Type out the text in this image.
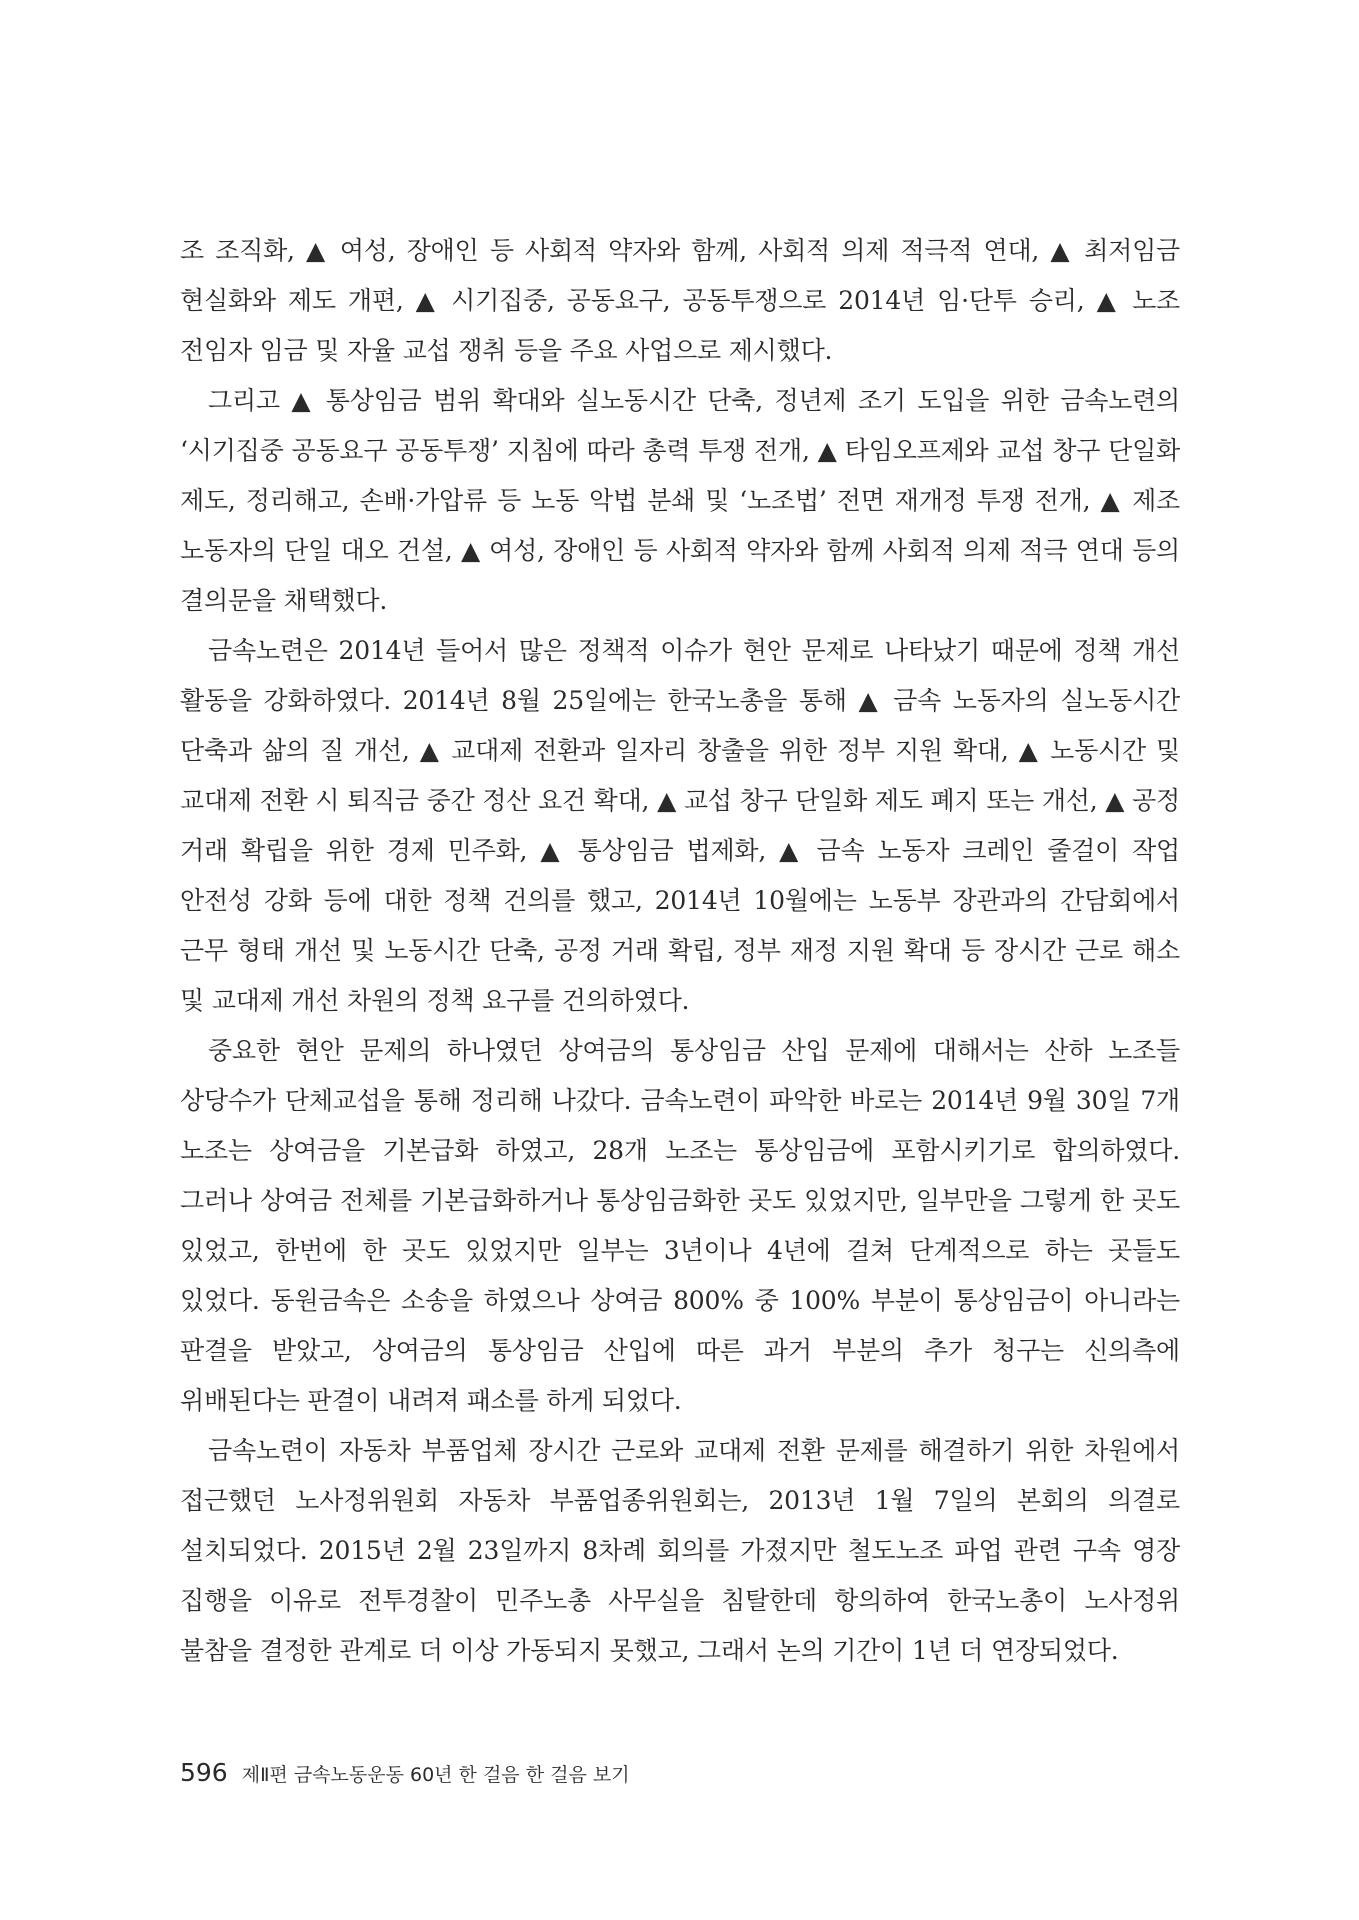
조 조직화, ▲ 여성, 장애인 등 사회적 약자와 함께, 사회적 의제 적극적 연대, ▲ 최저임금 현실화와 제도 개편, ▲ 시기집중, 공동요구, 공동투쟁으로 2014년 임·단투 승리, ▲ 노조 전임자 임금 및 자율 교섭 쟁취 등을 주요 사업으로 제시했다.

그리고 ▲ 통상임금 범위 확대와 실노동시간 단축, 정년제 조기 도입을 위한 금속노련의 ‘시기집중 공동요구 공동투쟁’ 지침에 따라 총력 투쟁 전개, ▲ 타임오프제와 교섭 창구 단일화 제도, 정리해고, 손배·가압류 등 노동 악법 분쇄 및 ‘노조법’ 전면 재개정 투쟁 전개, ▲ 제조 노동자의 단일 대오 건설, ▲ 여성, 장애인 등 사회적 약자와 함께 사회적 의제 적극 연대 등의 결의문을 채택했다.

금속노련은 2014년 들어서 많은 정책적 이슈가 현안 문제로 나타났기 때문에 정책 개선 활동을 강화하였다. 2014년 8월 25일에는 한국노총을 통해 ▲ 금속 노동자의 실노동시간 단축과 삶의 질 개선, ▲ 교대제 전환과 일자리 창출을 위한 정부 지원 확대, ▲ 노동시간 및 교대제 전환 시 퇴직금 중간 정산 요건 확대, ▲ 교섭 창구 단일화 제도 폐지 또는 개선, ▲ 공정 거래 확립을 위한 경제 민주화, ▲ 통상임금 법제화, ▲ 금속 노동자 크레인 줄걸이 작업 안전성 강화 등에 대한 정책 건의를 했고, 2014년 10월에는 노동부 장관과의 간담회에서 근무 형태 개선 및 노동시간 단축, 공정 거래 확립, 정부 재정 지원 확대 등 장시간 근로 해소 및 교대제 개선 차원의 정책 요구를 건의하였다.

중요한 현안 문제의 하나였던 상여금의 통상임금 산입 문제에 대해서는 산하 노조들 상당수가 단체교섭을 통해 정리해 나갔다. 금속노련이 파악한 바로는 2014년 9월 30일 7개 노조는 상여금을 기본급화 하였고, 28개 노조는 통상임금에 포함시키기로 합의하였다. 그러나 상여금 전체를 기본급화하거나 통상임금화한 곳도 있었지만, 일부만을 그렇게 한 곳도 있었고, 한번에 한 곳도 있었지만 일부는 3년이나 4년에 걸쳐 단계적으로 하는 곳들도 있었다. 동원금속은 소송을 하였으나 상여금 800% 중 100% 부분이 통상임금이 아니라는 판결을 받았고, 상여금의 통상임금 산입에 따른 과거 부분의 추가 청구는 신의측에 위배된다는 판결이 내려져 패소를 하게 되었다.

금속노련이 자동차 부품업체 장시간 근로와 교대제 전환 문제를 해결하기 위한 차원에서 접근했던 노사정위원회 자동차 부품업종위원회는, 2013년 1월 7일의 본회의 의결로 설치되었다. 2015년 2월 23일까지 8차례 회의를 가졌지만 철도노조 파업 관련 구속 영장 집행을 이유로 전투경찰이 민주노총 사무실을 침탈한데 항의하여 한국노총이 노사정위 불참을 결정한 관계로 더 이상 가동되지 못했고, 그래서 논의 기간이 1년 더 연장되었다.

596 제Ⅱ편 금속노동운동 60년 한 걸음 한 걸음 보기
